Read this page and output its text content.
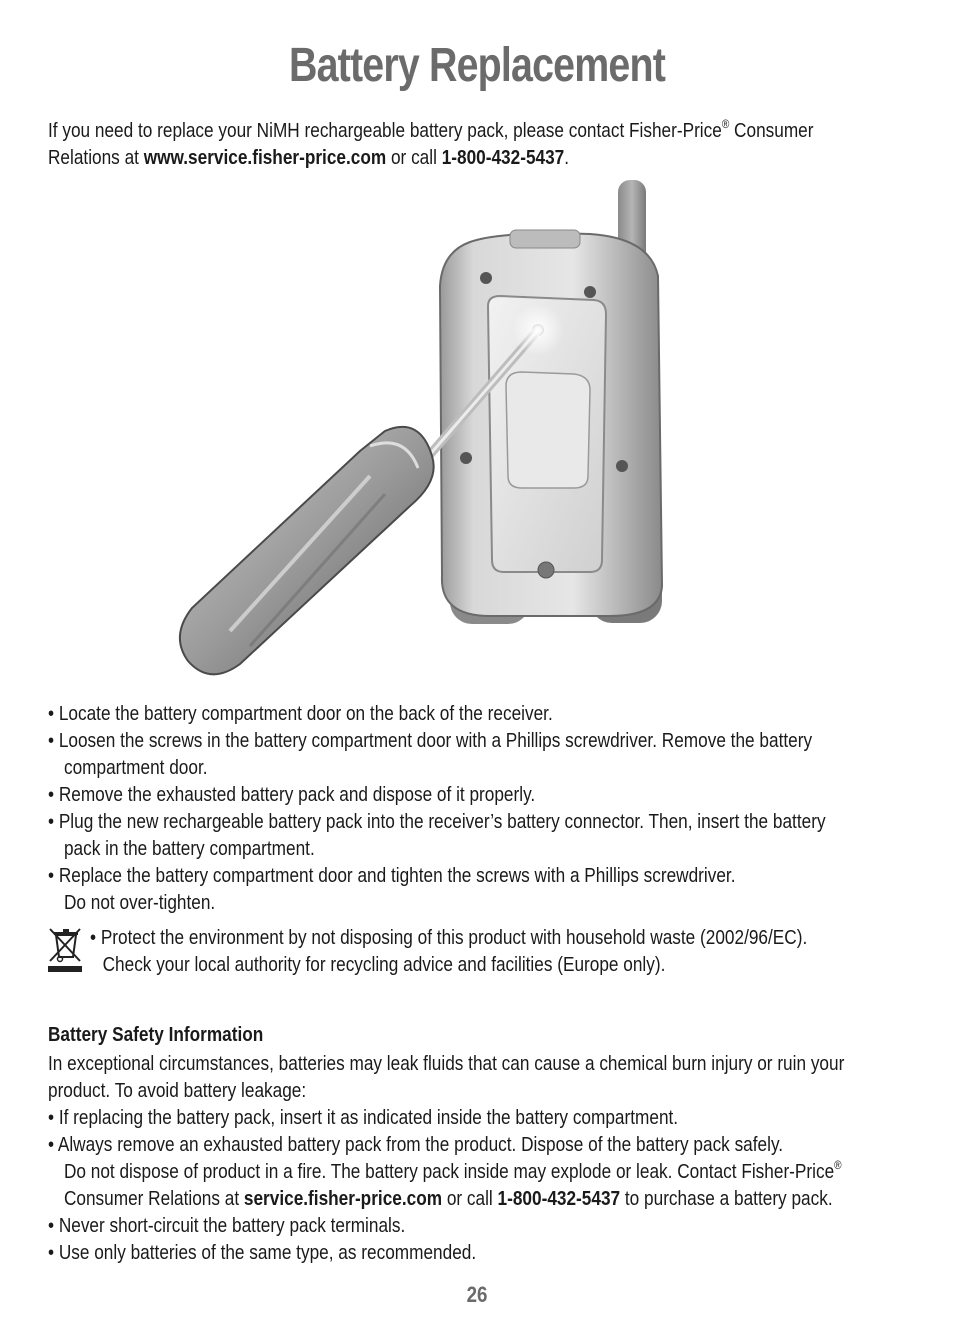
Battery Replacement
If you need to replace your NiMH rechargeable battery pack, please contact Fisher-Price® Consumer
Relations at www.service.fisher-price.com or call 1-800-432-5437.
• Locate the battery compartment door on the back of the receiver.
• Loosen the screws in the battery compartment door with a Phillips screwdriver. Remove the battery
compartment door.
• Remove the exhausted battery pack and dispose of it properly.
• Plug the new rechargeable battery pack into the receiver’s battery connector. Then, insert the battery
pack in the battery compartment.
• Replace the battery compartment door and tighten the screws with a Phillips screwdriver.
Do not over-tighten.
• Protect the environment by not disposing of this product with household waste (2002/96/EC).
Check your local authority for recycling advice and facilities (Europe only).
Battery Safety Information
In exceptional circumstances, batteries may leak fluids that can cause a chemical burn injury or ruin your
product. To avoid battery leakage:
• If replacing the battery pack, insert it as indicated inside the battery compartment.
• Always remove an exhausted battery pack from the product. Dispose of the battery pack safely.
Do not dispose of product in a fire. The battery pack inside may explode or leak. Contact Fisher-Price®
Consumer Relations at service.fisher-price.com or call 1-800-432-5437 to purchase a battery pack.
• Never short-circuit the battery pack terminals.
• Use only batteries of the same type, as recommended.
26
